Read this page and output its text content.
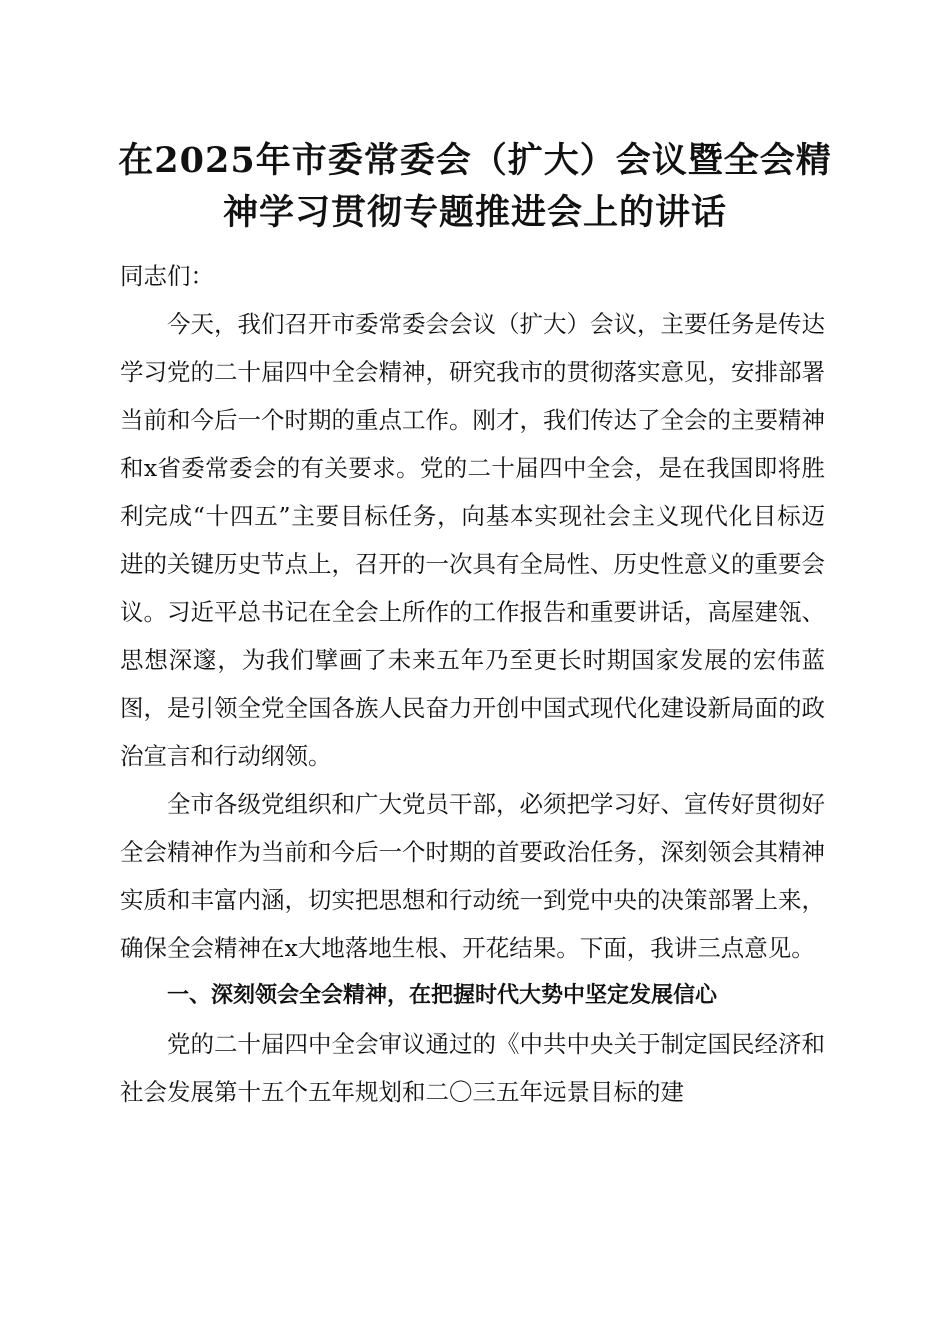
在2025年市委常委会（扩大）会议暨全会精
神学习贯彻专题推进会上的讲话

同志们：

今天，我们召开市委常委会会议（扩大）会议，主要任务是传达学习党的二十届四中全会精神，研究我市的贯彻落实意见，安排部署当前和今后一个时期的重点工作。刚才，我们传达了全会的主要精神和x省委常委会的有关要求。党的二十届四中全会，是在我国即将胜利完成“十四五”主要目标任务，向基本实现社会主义现代化目标迈进的关键历史节点上，召开的一次具有全局性、历史性意义的重要会议。习近平总书记在全会上所作的工作报告和重要讲话，高屋建瓴、思想深邃，为我们擘画了未来五年乃至更长时期国家发展的宏伟蓝图，是引领全党全国各族人民奋力开创中国式现代化建设新局面的政治宣言和行动纲领。

全市各级党组织和广大党员干部，必须把学习好、宣传好贯彻好全会精神作为当前和今后一个时期的首要政治任务，深刻领会其精神实质和丰富内涵，切实把思想和行动统一到党中央的决策部署上来，确保全会精神在x大地落地生根、开花结果。下面，我讲三点意见。

一、深刻领会全会精神，在把握时代大势中坚定发展信心

党的二十届四中全会审议通过的《中共中央关于制定国民经济和社会发展第十五个五年规划和二〇三五年远景目标的建
